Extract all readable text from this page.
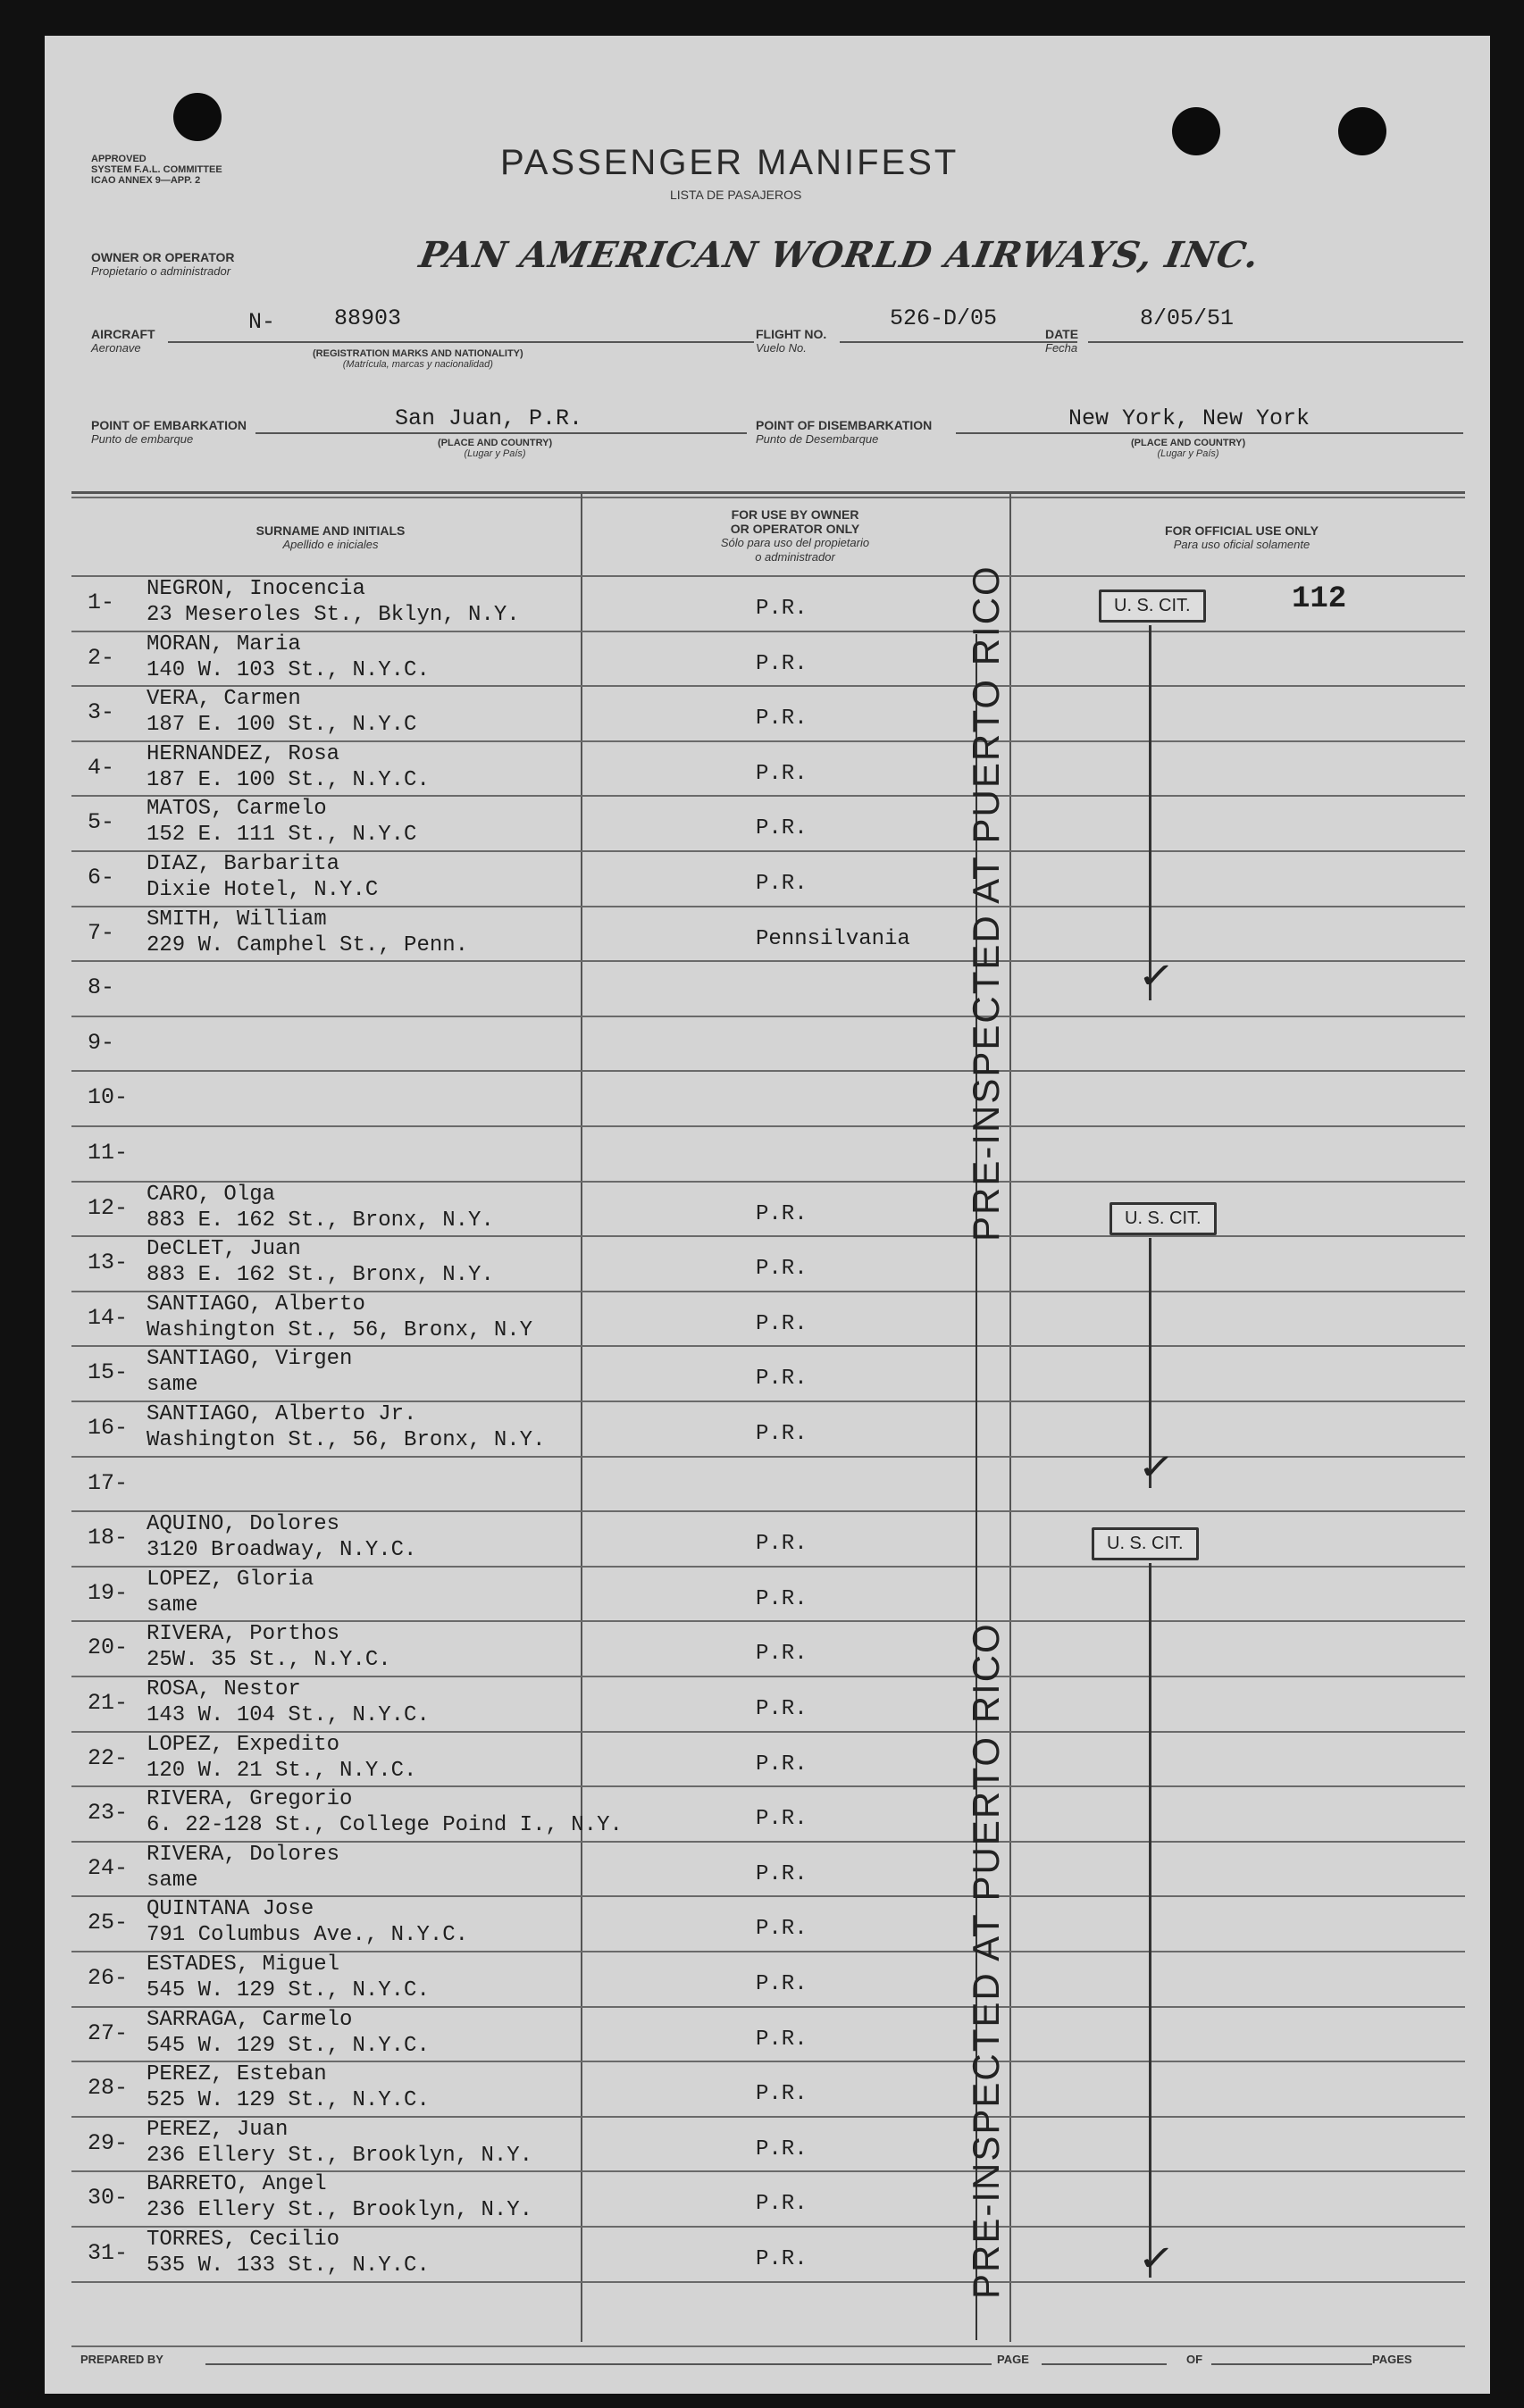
APPROVED
SYSTEM F.A.L. COMMITTEE
ICAO ANNEX 9—APP. 2	PASSENGER MANIFEST
LISTA DE PASAJEROS
OWNER OR OPERATOR
Propietario o administrador	PAN AMERICAN WORLD AIRWAYS, INC.
AIRCRAFT
Aeronave
N-	88903
(REGISTRATION MARKS AND NATIONALITY)
(Matrícula, marcas y nacionalidad)
FLIGHT NO.
Vuelo No.
526-D/05
DATE
Fecha
8/05/51
POINT OF EMBARKATION
Punto de embarque
San Juan, P.R.
(PLACE AND COUNTRY)
(Lugar y País)
POINT OF DISEMBARKATION
Punto de Desembarque
New York, New York
(PLACE AND COUNTRY)
(Lugar y País)
SURNAME AND INITIALS
Apellido e iniciales
FOR USE BY OWNER
OR OPERATOR ONLY
Sólo para uso del propietario
o administrador
FOR OFFICIAL USE ONLY
Para uso oficial solamente
1-
NEGRON, Inocencia
23 Meseroles St., Bklyn, N.Y.	P.R.
2-
MORAN, Maria
140 W. 103 St., N.Y.C.	P.R.
3-
VERA, Carmen
187 E. 100 St., N.Y.C	P.R.
4-
HERNANDEZ, Rosa
187 E. 100 St., N.Y.C.	P.R.
5-
MATOS, Carmelo
152 E. 111 St., N.Y.C	P.R.
6-
DIAZ, Barbarita
Dixie Hotel, N.Y.C	P.R.
7-
SMITH, William
229 W. Camphel St., Penn.	Pennsilvania
8-
9-
10-
11-
12-
CARO, Olga
883 E. 162 St., Bronx, N.Y.	P.R.
13-
DeCLET, Juan
883 E. 162 St., Bronx, N.Y.	P.R.
14-
SANTIAGO, Alberto
Washington St., 56, Bronx, N.Y	P.R.
15-
SANTIAGO, Virgen
same	P.R.
16-
SANTIAGO, Alberto Jr.
Washington St., 56, Bronx, N.Y.	P.R.
17-
18-
AQUINO, Dolores
3120 Broadway, N.Y.C.	P.R.
19-
LOPEZ, Gloria
same	P.R.
20-
RIVERA, Porthos
25W. 35 St., N.Y.C.	P.R.
21-
ROSA, Nestor
143 W. 104 St., N.Y.C.	P.R.
22-
LOPEZ, Expedito
120 W. 21 St., N.Y.C.	P.R.
23-
RIVERA, Gregorio
6. 22-128 St., College Poind I., N.Y.	P.R.
24-
RIVERA, Dolores
same	P.R.
25-
QUINTANA Jose
791 Columbus Ave., N.Y.C.	P.R.
26-
ESTADES, Miguel
545 W. 129 St., N.Y.C.	P.R.
27-
SARRAGA, Carmelo
545 W. 129 St., N.Y.C.	P.R.
28-
PEREZ, Esteban
525 W. 129 St., N.Y.C.	P.R.
29-
PEREZ, Juan
236 Ellery St., Brooklyn, N.Y.	P.R.
30-
BARRETO, Angel
236 Ellery St., Brooklyn, N.Y.	P.R.
31-
TORRES, Cecilio
535 W. 133 St., N.Y.C.	P.R.
U. S. CIT.	112
✓
U. S. CIT.
✓
U. S. CIT.
✓
PRE-INSPECTED AT PUERTO RICO
PRE-INSPECTED AT PUERTO RICO
PREPARED BY	PAGE	OF	PAGES
